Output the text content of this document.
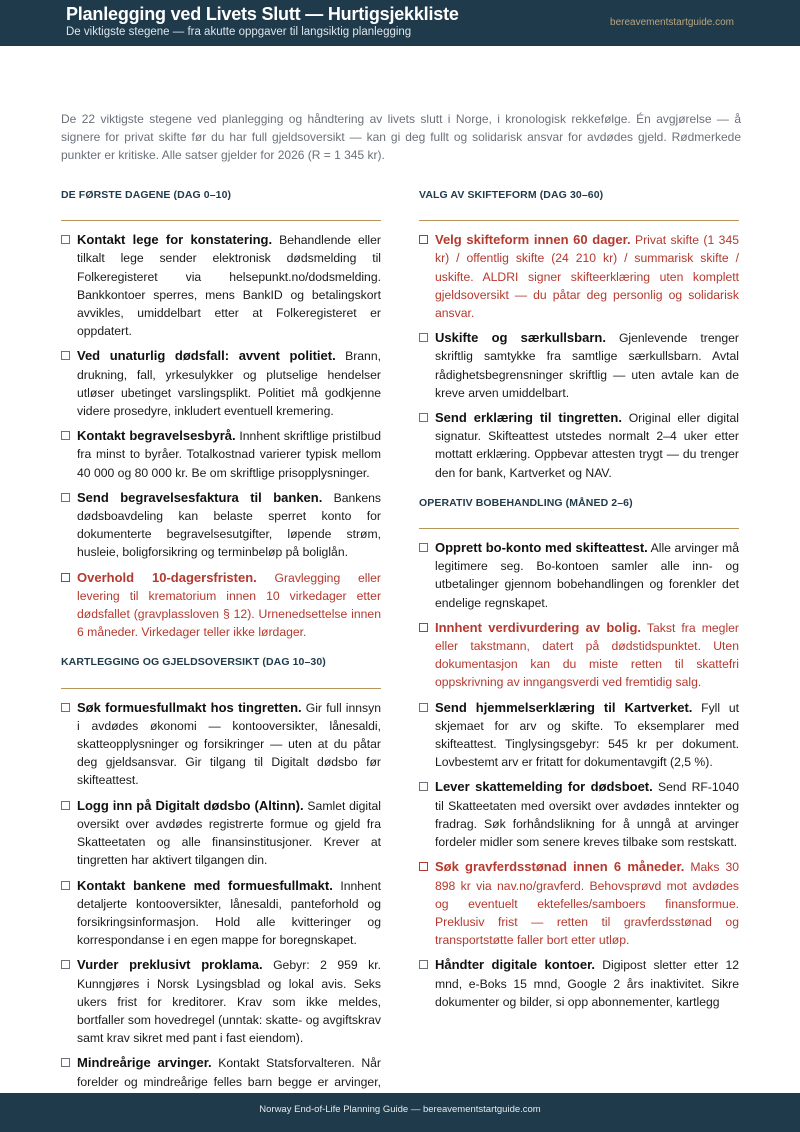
Planlegging ved Livets Slutt — Hurtigsjekkliste
De viktigste stegene — fra akutte oppgaver til langsiktig planlegging
bereavementstartguide.com
De 22 viktigste stegene ved planlegging og håndtering av livets slutt i Norge, i kronologisk rekkefølge. Én avgjørelse — å signere for privat skifte før du har full gjeldsoversikt — kan gi deg fullt og solidarisk ansvar for avdødes gjeld. Rødmerkede punkter er kritiske. Alle satser gjelder for 2026 (R = 1 345 kr).
DE FØRSTE DAGENE (DAG 0–10)
Kontakt lege for konstatering. Behandlende eller tilkalt lege sender elektronisk dødsmelding til Folkeregisteret via helsepunkt.no/dodsmelding. Bankkontoer sperres, mens BankID og betalingskort avvikles, umiddelbart etter at Folkeregisteret er oppdatert.
Ved unaturlig dødsfall: avvent politiet. Brann, drukning, fall, yrkesulykker og plutselige hendelser utløser ubetinget varslingsplikt. Politiet må godkjenne videre prosedyre, inkludert eventuell kremering.
Kontakt begravelsesbyrå. Innhent skriftlige pristilbud fra minst to byråer. Totalkostnad varierer typisk mellom 40 000 og 80 000 kr. Be om skriftlige prisopplysninger.
Send begravelsesfaktura til banken. Bankens dødsboavdeling kan belaste sperret konto for dokumenterte begravelsesutgifter, løpende strøm, husleie, boligforsikring og terminbeløp på boliglån.
Overhold 10-dagersfristen. Gravlegging eller levering til krematorium innen 10 virkedager etter dødsfallet (gravplassloven § 12). Urnenedsettelse innen 6 måneder. Virkedager teller ikke lørdager.
KARTLEGGING OG GJELDSOVERSIKT (DAG 10–30)
Søk formuesfullmakt hos tingretten. Gir full innsyn i avdødes økonomi — kontooversikter, lånesaldi, skatteopplysninger og forsikringer — uten at du påtar deg gjeldsansvar. Gir tilgang til Digitalt dødsbo før skifteattest.
Logg inn på Digitalt dødsbo (Altinn). Samlet digital oversikt over avdødes registrerte formue og gjeld fra Skatteetaten og alle finansinstitusjoner. Krever at tingretten har aktivert tilgangen din.
Kontakt bankene med formuesfullmakt. Innhent detaljerte kontooversikter, lånesaldi, panteforhold og forsikringsinformasjon. Hold alle kvitteringer og korrespondanse i en egen mappe for boregnskapet.
Vurder preklusivt proklama. Gebyr: 2 959 kr. Kunngjøres i Norsk Lysingsblad og lokal avis. Seks ukers frist for kreditorer. Krav som ikke meldes, bortfaller som hovedregel (unntak: skatte- og avgiftskrav samt krav sikret med pant i fast eiendom).
Mindreårige arvinger. Kontakt Statsforvalteren. Når forelder og mindreårige felles barn begge er arvinger,
VALG AV SKIFTEFORM (DAG 30–60)
Velg skifteform innen 60 dager. Privat skifte (1 345 kr) / offentlig skifte (24 210 kr) / summarisk skifte / uskifte. ALDRI signer skifteerklæring uten komplett gjeldsoversikt — du påtar deg personlig og solidarisk ansvar.
Uskifte og særkullsbarn. Gjenlevende trenger skriftlig samtykke fra samtlige særkullsbarn. Avtal rådighetsbegrensninger skriftlig — uten avtale kan de kreve arven umiddelbart.
Send erklæring til tingretten. Original eller digital signatur. Skifteattest utstedes normalt 2–4 uker etter mottatt erklæring. Oppbevar attesten trygt — du trenger den for bank, Kartverket og NAV.
OPERATIV BOBEHANDLING (MÅNED 2–6)
Opprett bo-konto med skifteattest. Alle arvinger må legitimere seg. Bo-kontoen samler alle inn- og utbetalinger gjennom bobehandlingen og forenkler det endelige regnskapet.
Innhent verdivurdering av bolig. Takst fra megler eller takstmann, datert på dødstidspunktet. Uten dokumentasjon kan du miste retten til skattefri oppskrivning av inngangsverdi ved fremtidig salg.
Send hjemmelserklæring til Kartverket. Fyll ut skjemaet for arv og skifte. To eksemplarer med skifteattest. Tinglysingsgebyr: 545 kr per dokument. Lovbestemt arv er fritatt for dokumentavgift (2,5 %).
Lever skattemelding for dødsboet. Send RF-1040 til Skatteetaten med oversikt over avdødes inntekter og fradrag. Søk forhåndslikning for å unngå at arvinger fordeler midler som senere kreves tilbake som restskatt.
Søk gravferdsstønad innen 6 måneder. Maks 30 898 kr via nav.no/gravferd. Behovsprøvd mot avdødes og eventuelt ektefelles/samboers finansformue. Preklusiv frist — retten til gravferdsstønad og transportstøtte faller bort etter utløp.
Håndter digitale kontoer. Digipost sletter etter 12 mnd, e-Boks 15 mnd, Google 2 års inaktivitet. Sikre dokumenter og bilder, si opp abonnementer, kartlegg
Norway End-of-Life Planning Guide — bereavementstartguide.com
